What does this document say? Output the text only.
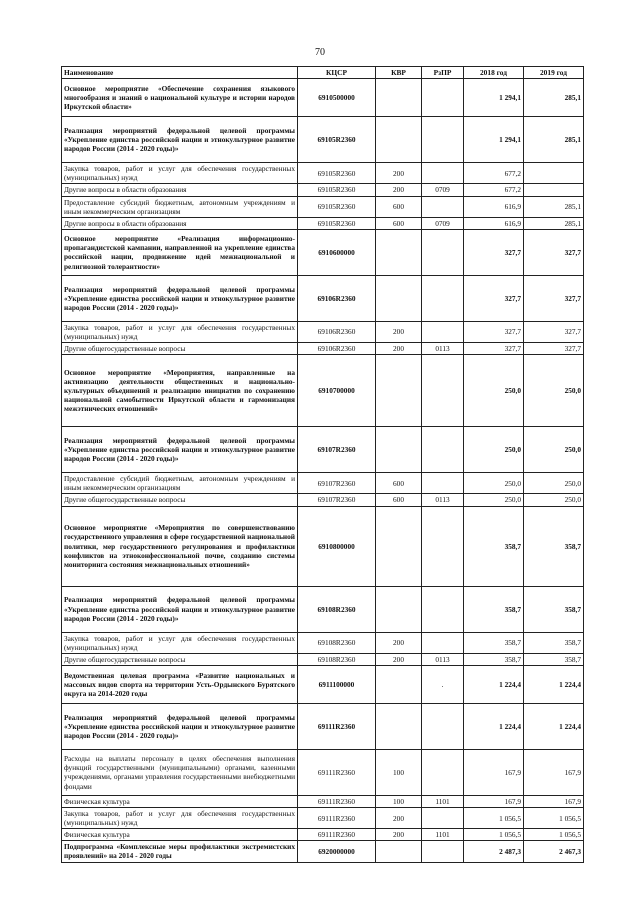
70
Наименование	КЦСР	КВР	РзПР	2018 год	2019 год
Основное мероприятие «Обеспечение сохранения языкового многообразия и знаний о национальной культуре и истории народов Иркутской области»	6910500000			1 294,1	285,1
Реализация мероприятий федеральной целевой программы «Укрепление единства российской нации и этнокультурное развитие народов России (2014 - 2020 годы)»	69105R2360			1 294,1	285,1
Закупка товаров, работ и услуг для обеспечения государственных (муниципальных) нужд	69105R2360	200		677,2	
Другие вопросы в области образования	69105R2360	200	0709	677,2	
Предоставление субсидий бюджетным, автономным учреждениям и иным некоммерческим организациям	69105R2360	600		616,9	285,1
Другие вопросы в области образования	69105R2360	600	0709	616,9	285,1
Основное мероприятие «Реализация информационно-пропагандистской кампании, направленной на укрепление единства российской нации, продвижение идей межнациональной и религиозной толерантности»	6910600000			327,7	327,7
Реализация мероприятий федеральной целевой программы «Укрепление единства российской нации и этнокультурное развитие народов России (2014 - 2020 годы)»	69106R2360			327,7	327,7
Закупка товаров, работ и услуг для обеспечения государственных (муниципальных) нужд	69106R2360	200		327,7	327,7
Другие общегосударственные вопросы	69106R2360	200	0113	327,7	327,7
Основное мероприятие «Мероприятия, направленные на активизацию деятельности общественных и национально-культурных объединений и реализацию инициатив по сохранению национальной самобытности Иркутской области и гармонизация межэтнических отношений»	6910700000			250,0	250,0
Реализация мероприятий федеральной целевой программы «Укрепление единства российской нации и этнокультурное развитие народов России (2014 - 2020 годы)»	69107R2360			250,0	250,0
Предоставление субсидий бюджетным, автономным учреждениям и иным некоммерческим организациям	69107R2360	600		250,0	250,0
Другие общегосударственные вопросы	69107R2360	600	0113	250,0	250,0
Основное мероприятие «Мероприятия по совершенствованию государственного управления в сфере государственной национальной политики, мер государственного регулирования и профилактики конфликтов на этноконфессиональной почве, созданию системы мониторинга состояния межнациональных отношений»	6910800000			358,7	358,7
Реализация мероприятий федеральной целевой программы «Укрепление единства российской нации и этнокультурное развитие народов России (2014 - 2020 годы)»	69108R2360			358,7	358,7
Закупка товаров, работ и услуг для обеспечения государственных (муниципальных) нужд	69108R2360	200		358,7	358,7
Другие общегосударственные вопросы	69108R2360	200	0113	358,7	358,7
Ведомственная целевая программа «Развитие национальных и массовых видов спорта на территории Усть-Ордынского Бурятского округа на 2014-2020 годы	6911100000		.	1 224,4	1 224,4
Реализация мероприятий федеральной целевой программы «Укрепление единства российской нации и этнокультурное развитие народов России (2014 - 2020 годы)»	69111R2360			1 224,4	1 224,4
Расходы на выплаты персоналу в целях обеспечения выполнения функций государственными (муниципальными) органами, казенными учреждениями, органами управления государственными внебюджетными фондами	69111R2360	100		167,9	167,9
Физическая культура	69111R2360	100	1101	167,9	167,9
Закупка товаров, работ и услуг для обеспечения государственных (муниципальных) нужд	69111R2360	200		1 056,5	1 056,5
Физическая культура	69111R2360	200	1101	1 056,5	1 056,5
Подпрограмма «Комплексные меры профилактики экстремистских проявлений» на 2014 - 2020 годы	6920000000			2 487,3	2 467,3
